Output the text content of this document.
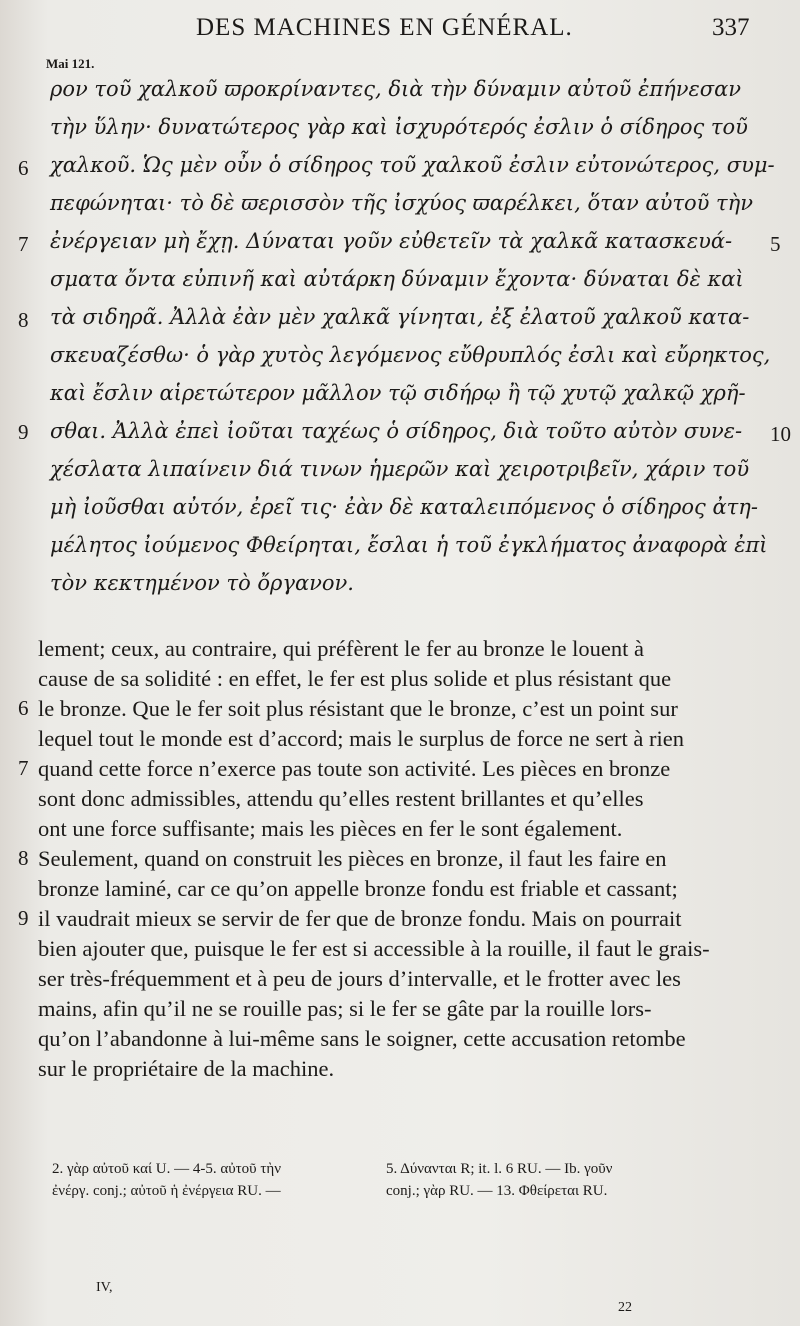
DES MACHINES EN GÉNÉRAL.	337
Mai 121.
ρον τοῦ χαλκοῦ ϖροκρίναντες, διὰ τὴν δύναμιν αὐτοῦ ἐπήνεσαν
τὴν ὕλην· δυνατώτερος γὰρ καὶ ἰσχυρότερός ἐσλιν ὁ σίδηρος τοῦ
χαλκοῦ. Ὡς μὲν οὖν ὁ σίδηρος τοῦ χαλκοῦ ἐσλιν εὐτονώτερος, συμ-
πεφώνηται· τὸ δὲ ϖερισσὸν τῆς ἰσχύος ϖαρέλκει, ὅταν αὐτοῦ τὴν
ἐνέργειαν μὴ ἔχῃ. Δύναται γοῦν εὐθετεῖν τὰ χαλκᾶ κατασκευά-
σματα ὄντα εὐπινῆ καὶ αὐτάρκη δύναμιν ἔχοντα· δύναται δὲ καὶ
τὰ σιδηρᾶ. Ἀλλὰ ἐὰν μὲν χαλκᾶ γίνηται, ἐξ ἐλατοῦ χαλκοῦ κατα-
σκευαζέσθω· ὁ γὰρ χυτὸς λεγόμενος εὔθρυπλός ἐσλι καὶ εὔρηκτος,
καὶ ἔσλιν αἱρετώτερον μᾶλλον τῷ σιδήρῳ ἢ τῷ χυτῷ χαλκῷ χρῆ-
σθαι. Ἀλλὰ ἐπεὶ ἰοῦται ταχέως ὁ σίδηρος, διὰ τοῦτο αὐτὸν συνε-
χέσλατα λιπαίνειν διά τινων ἡμερῶν καὶ χειροτριβεῖν, χάριν τοῦ
μὴ ἰοῦσθαι αὐτόν, ἐρεῖ τις· ἐὰν δὲ καταλειπόμενος ὁ σίδηρος ἀτη-
μέλητος ἰούμενος Φθείρηται, ἔσλαι ἡ τοῦ ἐγκλήματος ἀναφορὰ ἐπὶ
τὸν κεκτημένον τὸ ὄργανον.
6
7
8
9
5
10
lement; ceux, au contraire, qui préfèrent le fer au bronze le louent à
cause de sa solidité : en effet, le fer est plus solide et plus résistant que
le bronze. Que le fer soit plus résistant que le bronze, c’est un point sur
lequel tout le monde est d’accord; mais le surplus de force ne sert à rien
quand cette force n’exerce pas toute son activité. Les pièces en bronze
sont donc admissibles, attendu qu’elles restent brillantes et qu’elles
ont une force suffisante; mais les pièces en fer le sont également.
Seulement, quand on construit les pièces en bronze, il faut les faire en
bronze laminé, car ce qu’on appelle bronze fondu est friable et cassant;
il vaudrait mieux se servir de fer que de bronze fondu. Mais on pourrait
bien ajouter que, puisque le fer est si accessible à la rouille, il faut le grais-
ser très-fréquemment et à peu de jours d’intervalle, et le frotter avec les
mains, afin qu’il ne se rouille pas; si le fer se gâte par la rouille lors-
qu’on l’abandonne à lui-même sans le soigner, cette accusation retombe
sur le propriétaire de la machine.
6
7
8
9
2. γὰρ αὐτοῦ καί U. — 4-5. αὐτοῦ τὴν
ἐνέργ. conj.; αὐτοῦ ἡ ἐνέργεια RU. —
5. Δύνανται R; it. l. 6 RU. — Ib. γοῦν
conj.; γὰρ RU. — 13. Φθείρεται RU.
IV,
22
